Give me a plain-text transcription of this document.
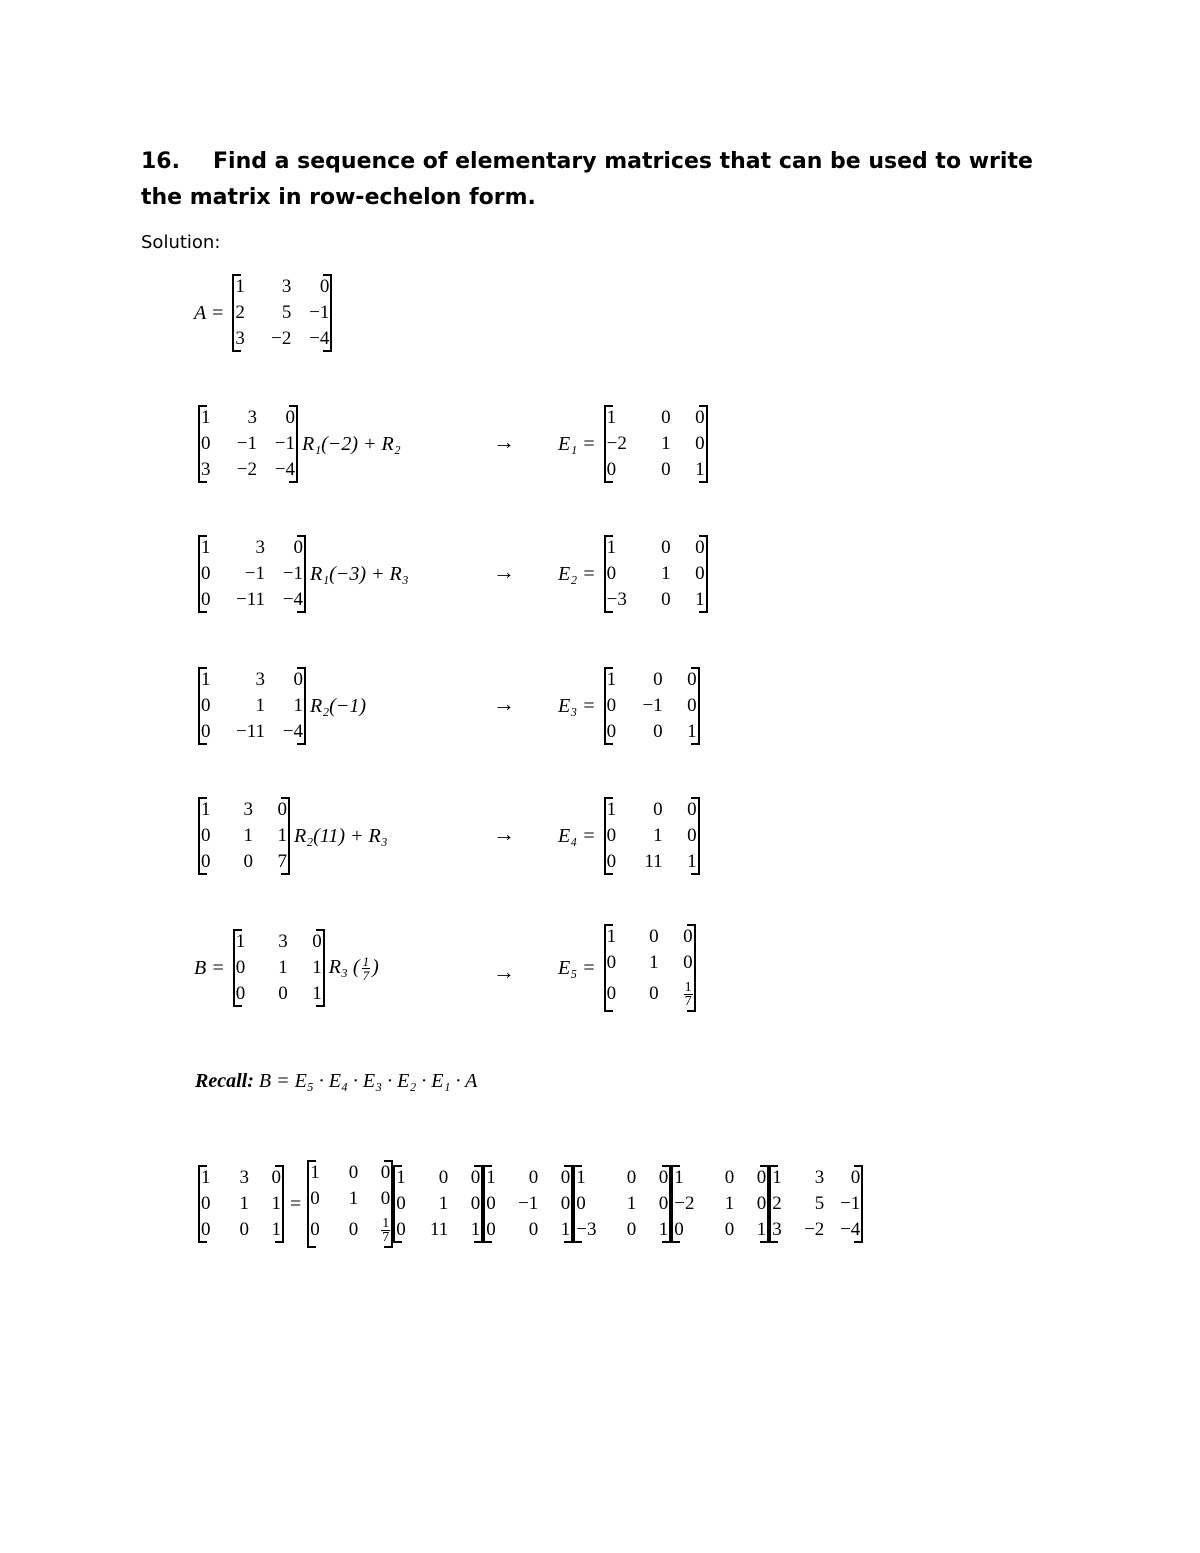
16. Find a sequence of elementary matrices that can be used to write the matrix in row-echelon form.
Solution:
A =
1	3	0
2	5	−1
3	−2	−4
1	3	0
0	−1	−1
3	−2	−4
R₁(−2) + R₂	→ E₁ =
1	0	0
−2	1	0
0	0	1
1	3	0
0	−1	−1
0	−11	−4
R₁(−3) + R₃	→ E₂ =
1	0	0
0	1	0
−3	0	1
1	3	0
0	1	1
0	−11	−4
R₂(−1)	→ E₃ =
1	0	0
0	−1	0
0	0	1
1	3	0
0	1	1
0	0	7
R₂(11) + R₃	→ E₄ =
1	0	0
0	1	0
0	11	1
B =
1	3	0
0	1	1
0	0	1
R₃ ( $\frac{1}{7}$ )	→ E₅ =
1	0	0
0	1	0
0	0	$\frac{1}{7}$
Recall: B = E₅ · E₄ · E₃ · E₂ · E₁ · A
1	3	0
0	1	1
0	0	1
=
1	0	0
0	1	0
0	0	$\frac{1}{7}$
1	0	0
0	1	0
0	11	1
1	0	0
0	−1	0
0	0	1
1	0	0
0	1	0
−3	0	1
1	0	0
−2	1	0
0	0	1
1	3	0
2	5	−1
3	−2	−4
